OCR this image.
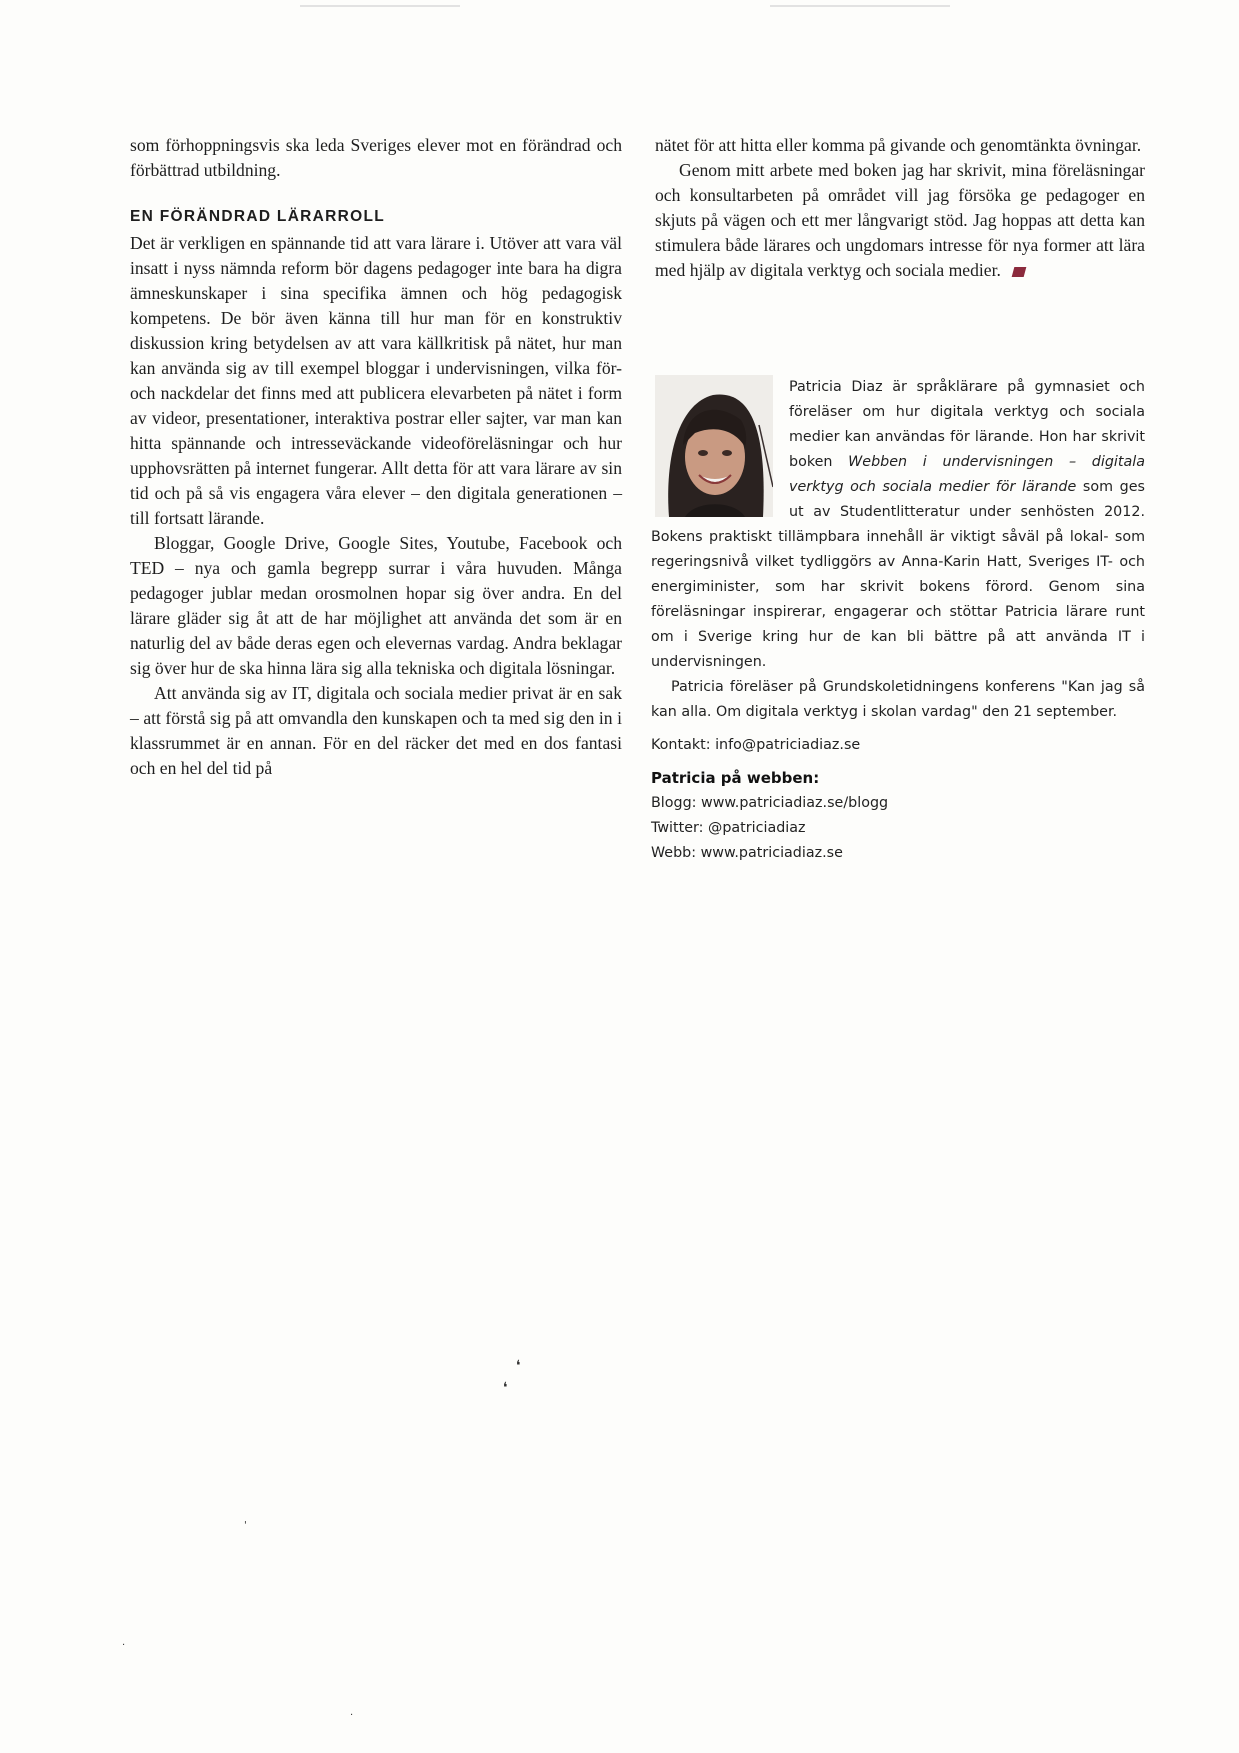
som förhoppningsvis ska leda Sveriges elever mot en förändrad och förbättrad utbildning.

EN FÖRÄNDRAD LÄRARROLL

Det är verkligen en spännande tid att vara lärare i. Utöver att vara väl insatt i nyss nämnda reform bör dagens pedagoger inte bara ha digra ämneskunskaper i sina specifika ämnen och hög pedagogisk kompetens. De bör även känna till hur man för en konstruktiv diskussion kring betydelsen av att vara källkritisk på nätet, hur man kan använda sig av till exempel bloggar i undervisningen, vilka för- och nackdelar det finns med att publicera elevarbeten på nätet i form av videor, presentationer, interaktiva postrar eller sajter, var man kan hitta spännande och intresseväckande videoföreläsningar och hur upphovsrätten på internet fungerar. Allt detta för att vara lärare av sin tid och på så vis engagera våra elever – den digitala generationen – till fortsatt lärande.

Bloggar, Google Drive, Google Sites, Youtube, Facebook och TED – nya och gamla begrepp surrar i våra huvuden. Många pedagoger jublar medan orosmolnen hopar sig över andra. En del lärare gläder sig åt att de har möjlighet att använda det som är en naturlig del av både deras egen och elevernas vardag. Andra beklagar sig över hur de ska hinna lära sig alla tekniska och digitala lösningar.

Att använda sig av IT, digitala och sociala medier privat är en sak – att förstå sig på att omvandla den kunskapen och ta med sig den in i klassrummet är en annan. För en del räcker det med en dos fantasi och en hel del tid på

nätet för att hitta eller komma på givande och genomtänkta övningar.

Genom mitt arbete med boken jag har skrivit, mina föreläsningar och konsultarbeten på området vill jag försöka ge pedagoger en skjuts på vägen och ett mer långvarigt stöd. Jag hoppas att detta kan stimulera både lärares och ungdomars intresse för nya former att lära med hjälp av digitala verktyg och sociala medier.

Patricia Diaz är språklärare på gymnasiet och föreläser om hur digitala verktyg och sociala medier kan användas för lärande. Hon har skrivit boken Webben i undervisningen – digitala verktyg och sociala medier för lärande som ges ut av Studentlitteratur under senhösten 2012. Bokens praktiskt tillämpbara innehåll är viktigt såväl på lokal- som regeringsnivå vilket tydliggörs av Anna-Karin Hatt, Sveriges IT- och energiminister, som har skrivit bokens förord. Genom sina föreläsningar inspirerar, engagerar och stöttar Patricia lärare runt om i Sverige kring hur de kan bli bättre på att använda IT i undervisningen.

Patricia föreläser på Grundskoletidningens konferens "Kan jag så kan alla. Om digitala verktyg i skolan vardag" den 21 september.

Kontakt: info@patriciadiaz.se

Patricia på webben:

Blogg: www.patriciadiaz.se/blogg

Twitter: @patriciadiaz

Webb: www.patriciadiaz.se

❛
❛
'
·
·
